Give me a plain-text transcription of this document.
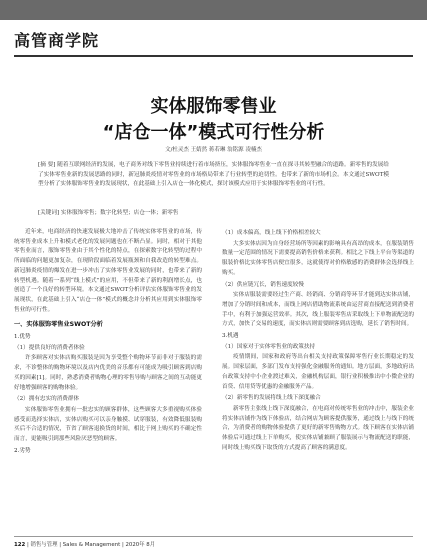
高管商学院
实体服饰零售业
“店仓一体”模式可行性分析
文/杜灵杰 王婧然 蒋若琳 翁铭源 凌楠杰
[摘 要] 随着互联网经济的发展，电子商务对线下零售业持续进行着市场挤压，实体服饰零售业一直在探寻其转型融合的道路。新零售的发展给了实体零售业新的发展思路的同时，新冠肺炎疫情对零售业的市场格局带来了行业转型的迫切性。也带来了新的市场机会。本文通过SWOT模型分析了实体服饰零售业的发展现状，在此基础上引入店仓一体化模式，探讨该模式应用于实体服饰零售业的可行性。
[关键词] 实体服饰零售；数字化转型；店仓一体；新零售

近年来，电商经济的快速发展极大地冲击了传统实体零售业的市场，传统零售业成本上升和模式老化的发展问题也在不断凸显。同时，相对于其他零售业而言，服饰零售业由于其个性化的特点，在探索数字化转型的过程中所面临的问题更加复杂，在现阶段面临着发展瓶颈和自我改造的转型难点。新冠肺炎疫情的爆发在进一步冲击了实体零售业发展的同时，也带来了新的转型机遇。随着一系列“线上模式”的应用，不但带来了新的利润增长点，也创造了一个良好的转型环境。本文通过SWOT分析评估实体服饰零售业的发展现状，在此基础上引入“店仓一体”模式的概念并分析其应用到实体服饰零售业的可行性。

一、实体服饰零售业SWOT分析
1.优势
（1）提供良好的消费者体验

许多顾客对实体店购买服装是因为享受整个购物环节而非对于服装的需求，不诊整体的购物环境以及店内优美的音乐都有可能成为吸引顾客到店购买的因素[1]。同时，熟悉消费者购物心理的零售导购与顾客之间的互动能更好地增强顾客的购物体验。

（2）拥有忠实的消费群体

实体服饰零售业拥有一批忠实的顾客群体，这些顾客大多重视购买体验感受而选择实体店，实体店购买可以亲身触摸、试穿服装，有效降低服装购买后不合适的情况，节省了顾客退换货的时间，相比于网上购买的不确定性而言，更能吸引到那些风险厌恶型的顾客。

2.劣势
（1）成本偏高，线上线下价格相差较大

大多实体店因为自身经营场所等因素的影响具有高昂的成本，在服装销售数量一定范围的情况下需要提高销售价格来获利。相比之下线上平台等渠道的服装价格比实体零售店便宜很多，这就使得对价格敏感的消费群体会选择线上购买。

（2）供应链冗长，销售速度较慢

实体店服装需要经过生产商、经销商、分销商等环节才能到达实体店铺，增加了分销时间和成本，而线上网店借助物流系统由运营商直接配送到消费者手中，有利于加强运营效率。其次，线上服装零售店采取线上下单物流配送的方式，加快了交易的速度，而实体店则需要顾客到店选购，延长了销售时间。

3.机遇
（1）国家对于实体零售业的政策扶持

疫情期间，国家和政府等出台相关支持政策保障零售行业长期稳定的发展。国家层面，多部门发布支持强化金融服务的通知。地方层面，多地政府出台政策支持中小企业渡过难关，金融机构层面，银行业积极推出中小微企业的首贷、信用贷等优惠的金融服务产品。

（2）新零售的发展将线上线下深度融合

新零售主张线上线下深度融合，在电商对传统零售业的冲击中，服装企业将实体店铺作为线下体验店，结合网店为顾客提供服务，通过线上与线下的统合，为消费者的购物体验提供了更好的新零售购物方式。线下顾客在实体店铺体验后可通过线上下单购买，使实体店铺兼顾了服装展示与物流配送的职能，同时线上购买线下取货的方式提高了顾客的满意度。

122 | 销售与管理 | Sales & Management | 2020年 8月
